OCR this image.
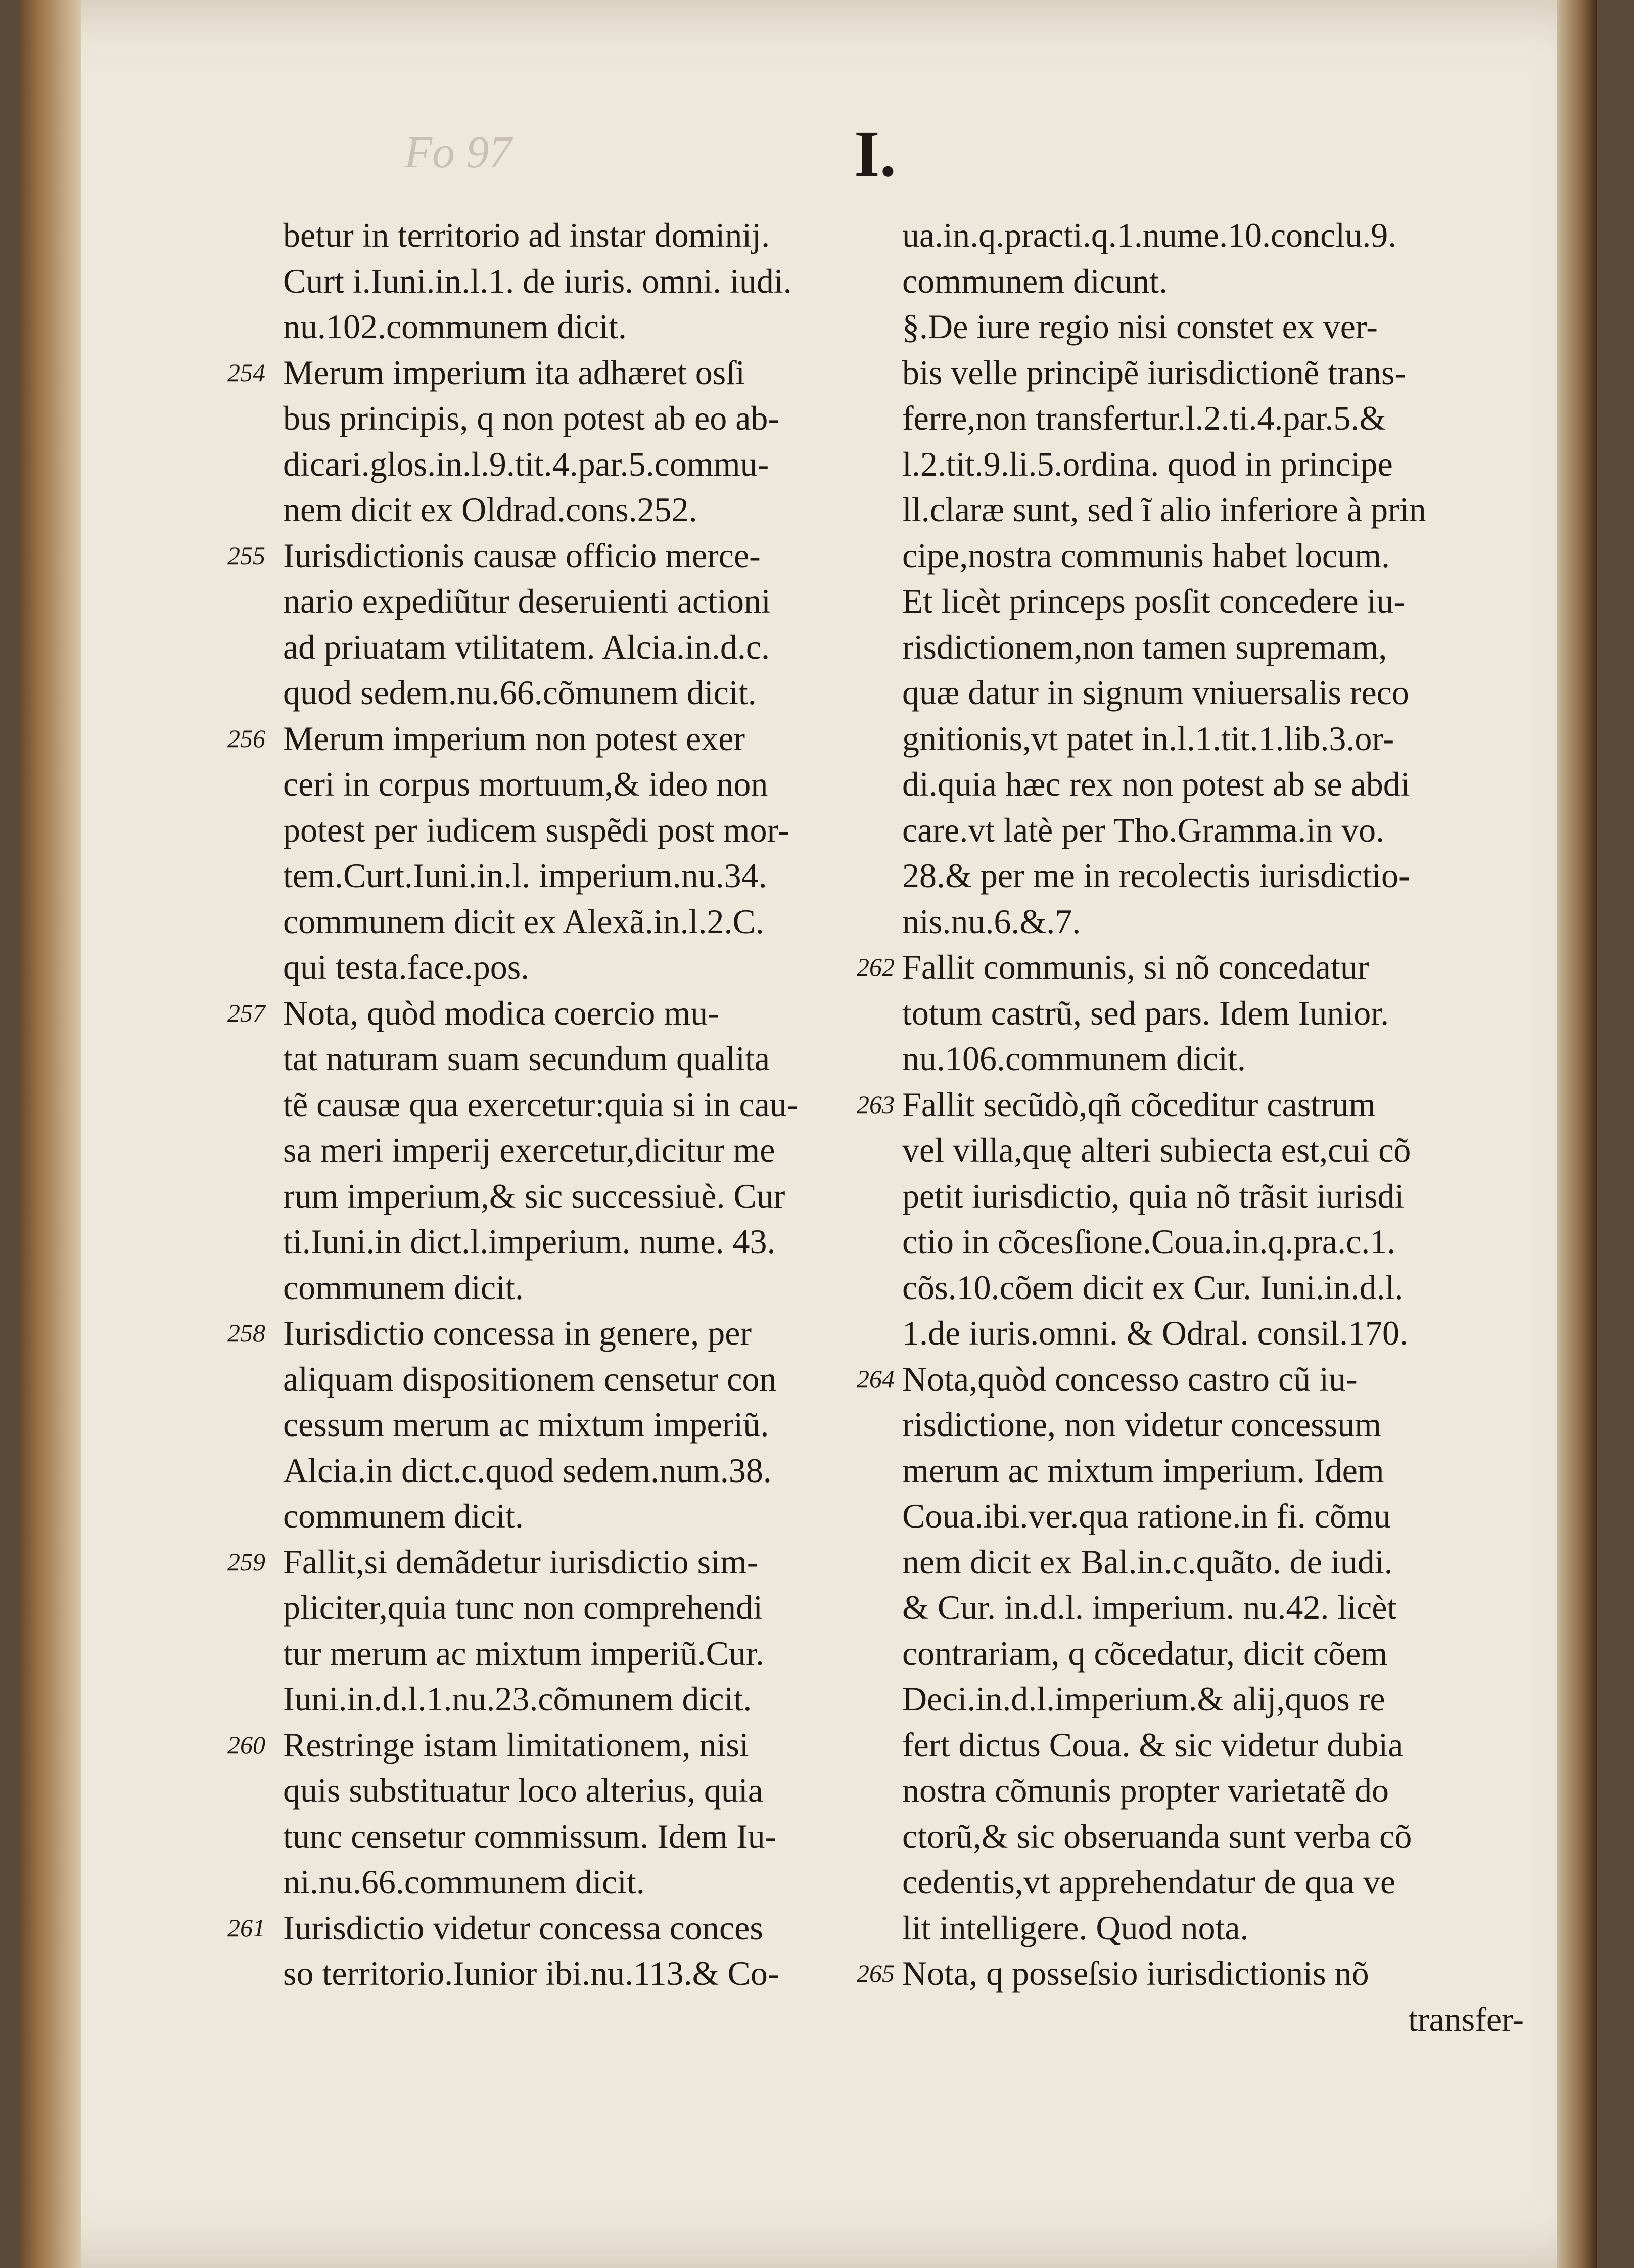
Fo 97	I.
betur in territorio ad instar dominij.
Curt i.Iuni.in.l.1. de iuris. omni. iudi.
nu.102.communem dicit.
254 Merum imperium ita adhæret osſi
bus principis, q non potest ab eo ab-
dicari.glos.in.l.9.tit.4.par.5.commu-
nem dicit ex Oldrad.cons.252.
255 Iurisdictionis causæ officio merce-
nario expediũtur deseruienti actioni
ad priuatam vtilitatem. Alcia.in.d.c.
quod sedem.nu.66.cõmunem dicit.
256 Merum imperium non potest exer
ceri in corpus mortuum,& ideo non
potest per iudicem suspẽdi post mor-
tem.Curt.Iuni.in.l. imperium.nu.34.
communem dicit ex Alexã.in.l.2.C.
qui testa.face.pos.
257 Nota, quòd modica coercio mu-
tat naturam suam secundum qualita
tẽ causæ qua exercetur:quia si in cau-
sa meri imperij exercetur,dicitur me
rum imperium,& sic successiuè. Cur
ti.Iuni.in dict.l.imperium. nume. 43.
communem dicit.
258 Iurisdictio concessa in genere, per
aliquam dispositionem censetur con
cessum merum ac mixtum imperiũ.
Alcia.in dict.c.quod sedem.num.38.
communem dicit.
259 Fallit,si demãdetur iurisdictio sim-
pliciter,quia tunc non comprehendi
tur merum ac mixtum imperiũ.Cur.
Iuni.in.d.l.1.nu.23.cõmunem dicit.
260 Restringe istam limitationem, nisi
quis substituatur loco alterius, quia
tunc censetur commissum. Idem Iu-
ni.nu.66.communem dicit.
261 Iurisdictio videtur concessa conces
so territorio.Iunior ibi.nu.113.& Co-
ua.in.q.practi.q.1.nume.10.conclu.9.
communem dicunt.
§.De iure regio nisi constet ex ver-
bis velle principẽ iurisdictionẽ trans-
ferre,non transfertur.l.2.ti.4.par.5.&
l.2.tit.9.li.5.ordina. quod in principe
ll.claræ sunt, sed ĩ alio inferiore à prin
cipe,nostra communis habet locum.
Et licèt princeps posſit concedere iu-
risdictionem,non tamen supremam,
quæ datur in signum vniuersalis reco
gnitionis,vt patet in.l.1.tit.1.lib.3.or-
di.quia hæc rex non potest ab se abdi
care.vt latè per Tho.Gramma.in vo.
28.& per me in recolectis iurisdictio-
nis.nu.6.&.7.
262 Fallit communis, si nõ concedatur
totum castrũ, sed pars. Idem Iunior.
nu.106.communem dicit.
263 Fallit secũdò,qñ cõceditur castrum
vel villa,quę alteri subiecta est,cui cõ
petit iurisdictio, quia nõ trãsit iurisdi
ctio in cõcesſione.Coua.in.q.pra.c.1.
cõs.10.cõem dicit ex Cur. Iuni.in.d.l.
1.de iuris.omni. & Odral. consil.170.
264 Nota,quòd concesso castro cũ iu-
risdictione, non videtur concessum
merum ac mixtum imperium. Idem
Coua.ibi.ver.qua ratione.in fi. cõmu
nem dicit ex Bal.in.c.quãto. de iudi.
& Cur. in.d.l. imperium. nu.42. licèt
contrariam, q cõcedatur, dicit cõem
Deci.in.d.l.imperium.& alij,quos re
fert dictus Coua. & sic videtur dubia
nostra cõmunis propter varietatẽ do
ctorũ,& sic obseruanda sunt verba cõ
cedentis,vt apprehendatur de qua ve
lit intelligere. Quod nota.
265 Nota, q posseſsio iurisdictionis nõ
transfer-
